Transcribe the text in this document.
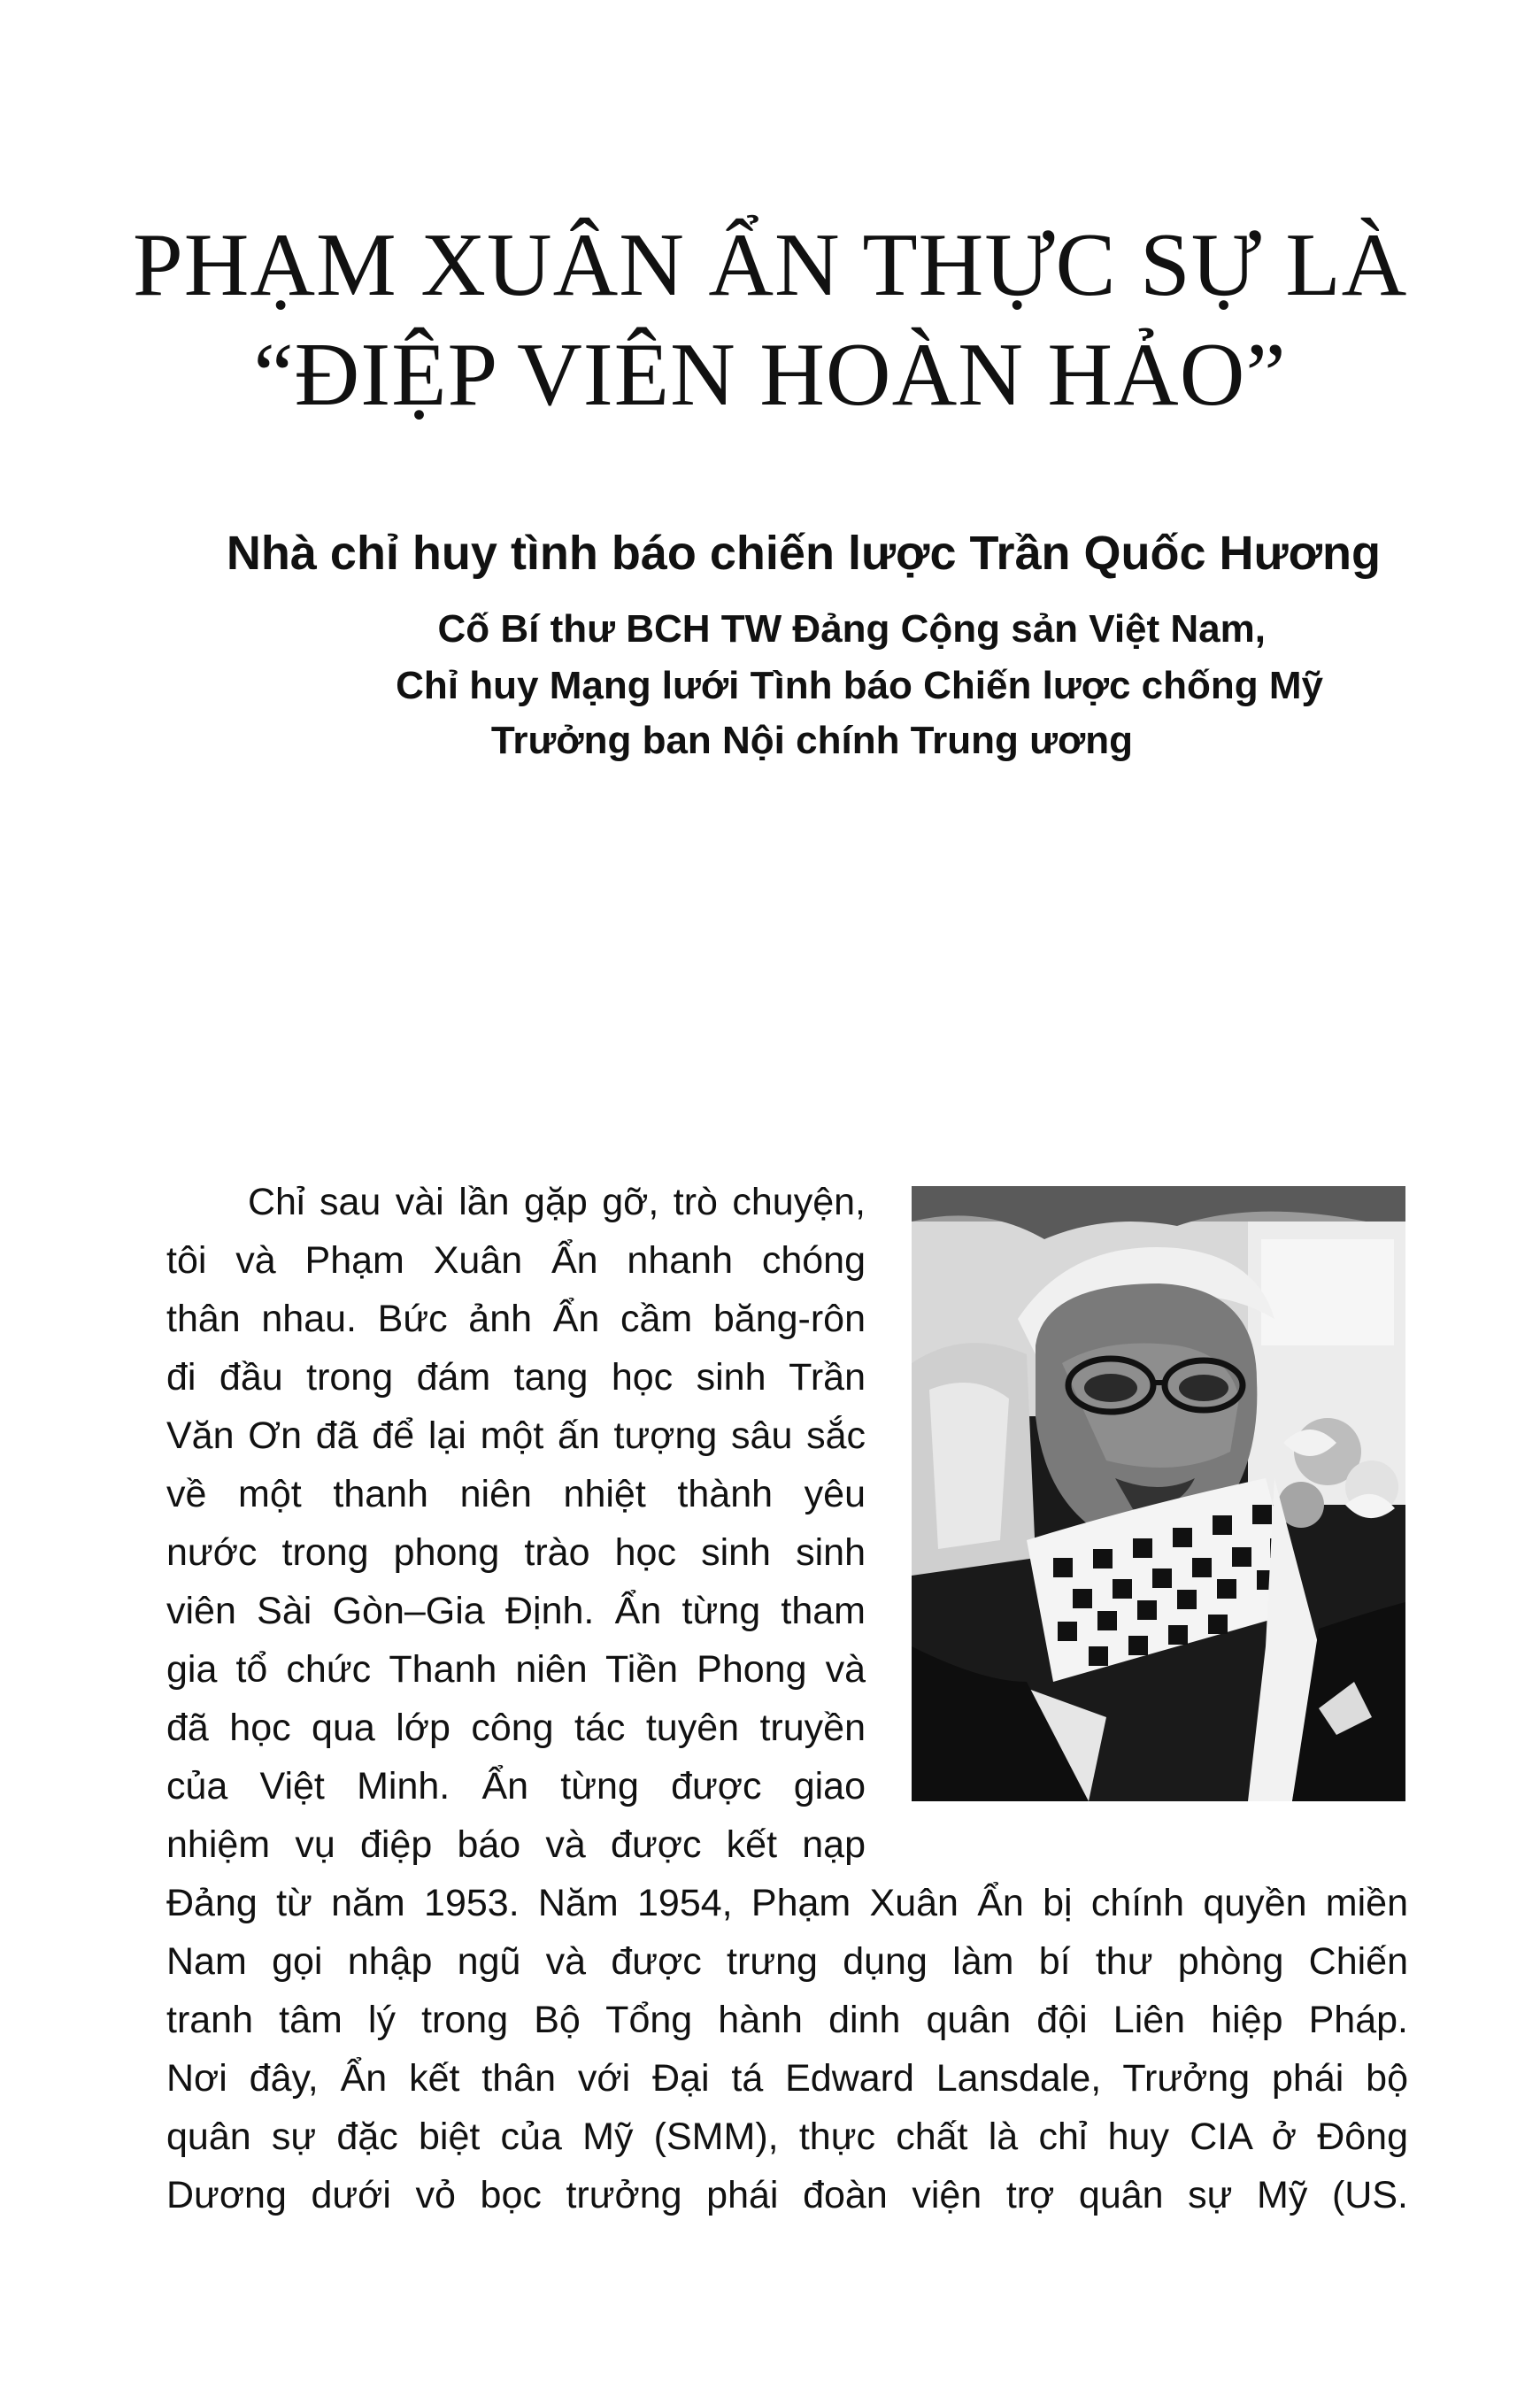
PHẠM XUÂN ẨN THỰC SỰ LÀ
“ĐIỆP VIÊN HOÀN HẢO”

Nhà chỉ huy tình báo chiến lược Trần Quốc Hương

Cố Bí thư BCH TW Đảng Cộng sản Việt Nam,

Chỉ huy Mạng lưới Tình báo Chiến lược chống Mỹ

Trưởng ban Nội chính Trung ương

Chỉ sau vài lần gặp gỡ, trò chuyện,
tôi và Phạm Xuân Ẩn nhanh chóng
thân nhau. Bức ảnh Ẩn cầm băng-rôn
đi đầu trong đám tang học sinh Trần
Văn Ơn đã để lại một ấn tượng sâu sắc
về một thanh niên nhiệt thành yêu
nước trong phong trào học sinh sinh
viên Sài Gòn–Gia Định. Ẩn từng tham
gia tổ chức Thanh niên Tiền Phong và
đã học qua lớp công tác tuyên truyền
của Việt Minh. Ẩn từng được giao
nhiệm vụ điệp báo và được kết nạp
Đảng từ năm 1953. Năm 1954, Phạm Xuân Ẩn bị chính quyền miền
Nam gọi nhập ngũ và được trưng dụng làm bí thư phòng Chiến
tranh tâm lý trong Bộ Tổng hành dinh quân đội Liên hiệp Pháp.
Nơi đây, Ẩn kết thân với Đại tá Edward Lansdale, Trưởng phái bộ
quân sự đặc biệt của Mỹ (SMM), thực chất là chỉ huy CIA ở Đông
Dương dưới vỏ bọc trưởng phái đoàn viện trợ quân sự Mỹ (US.
